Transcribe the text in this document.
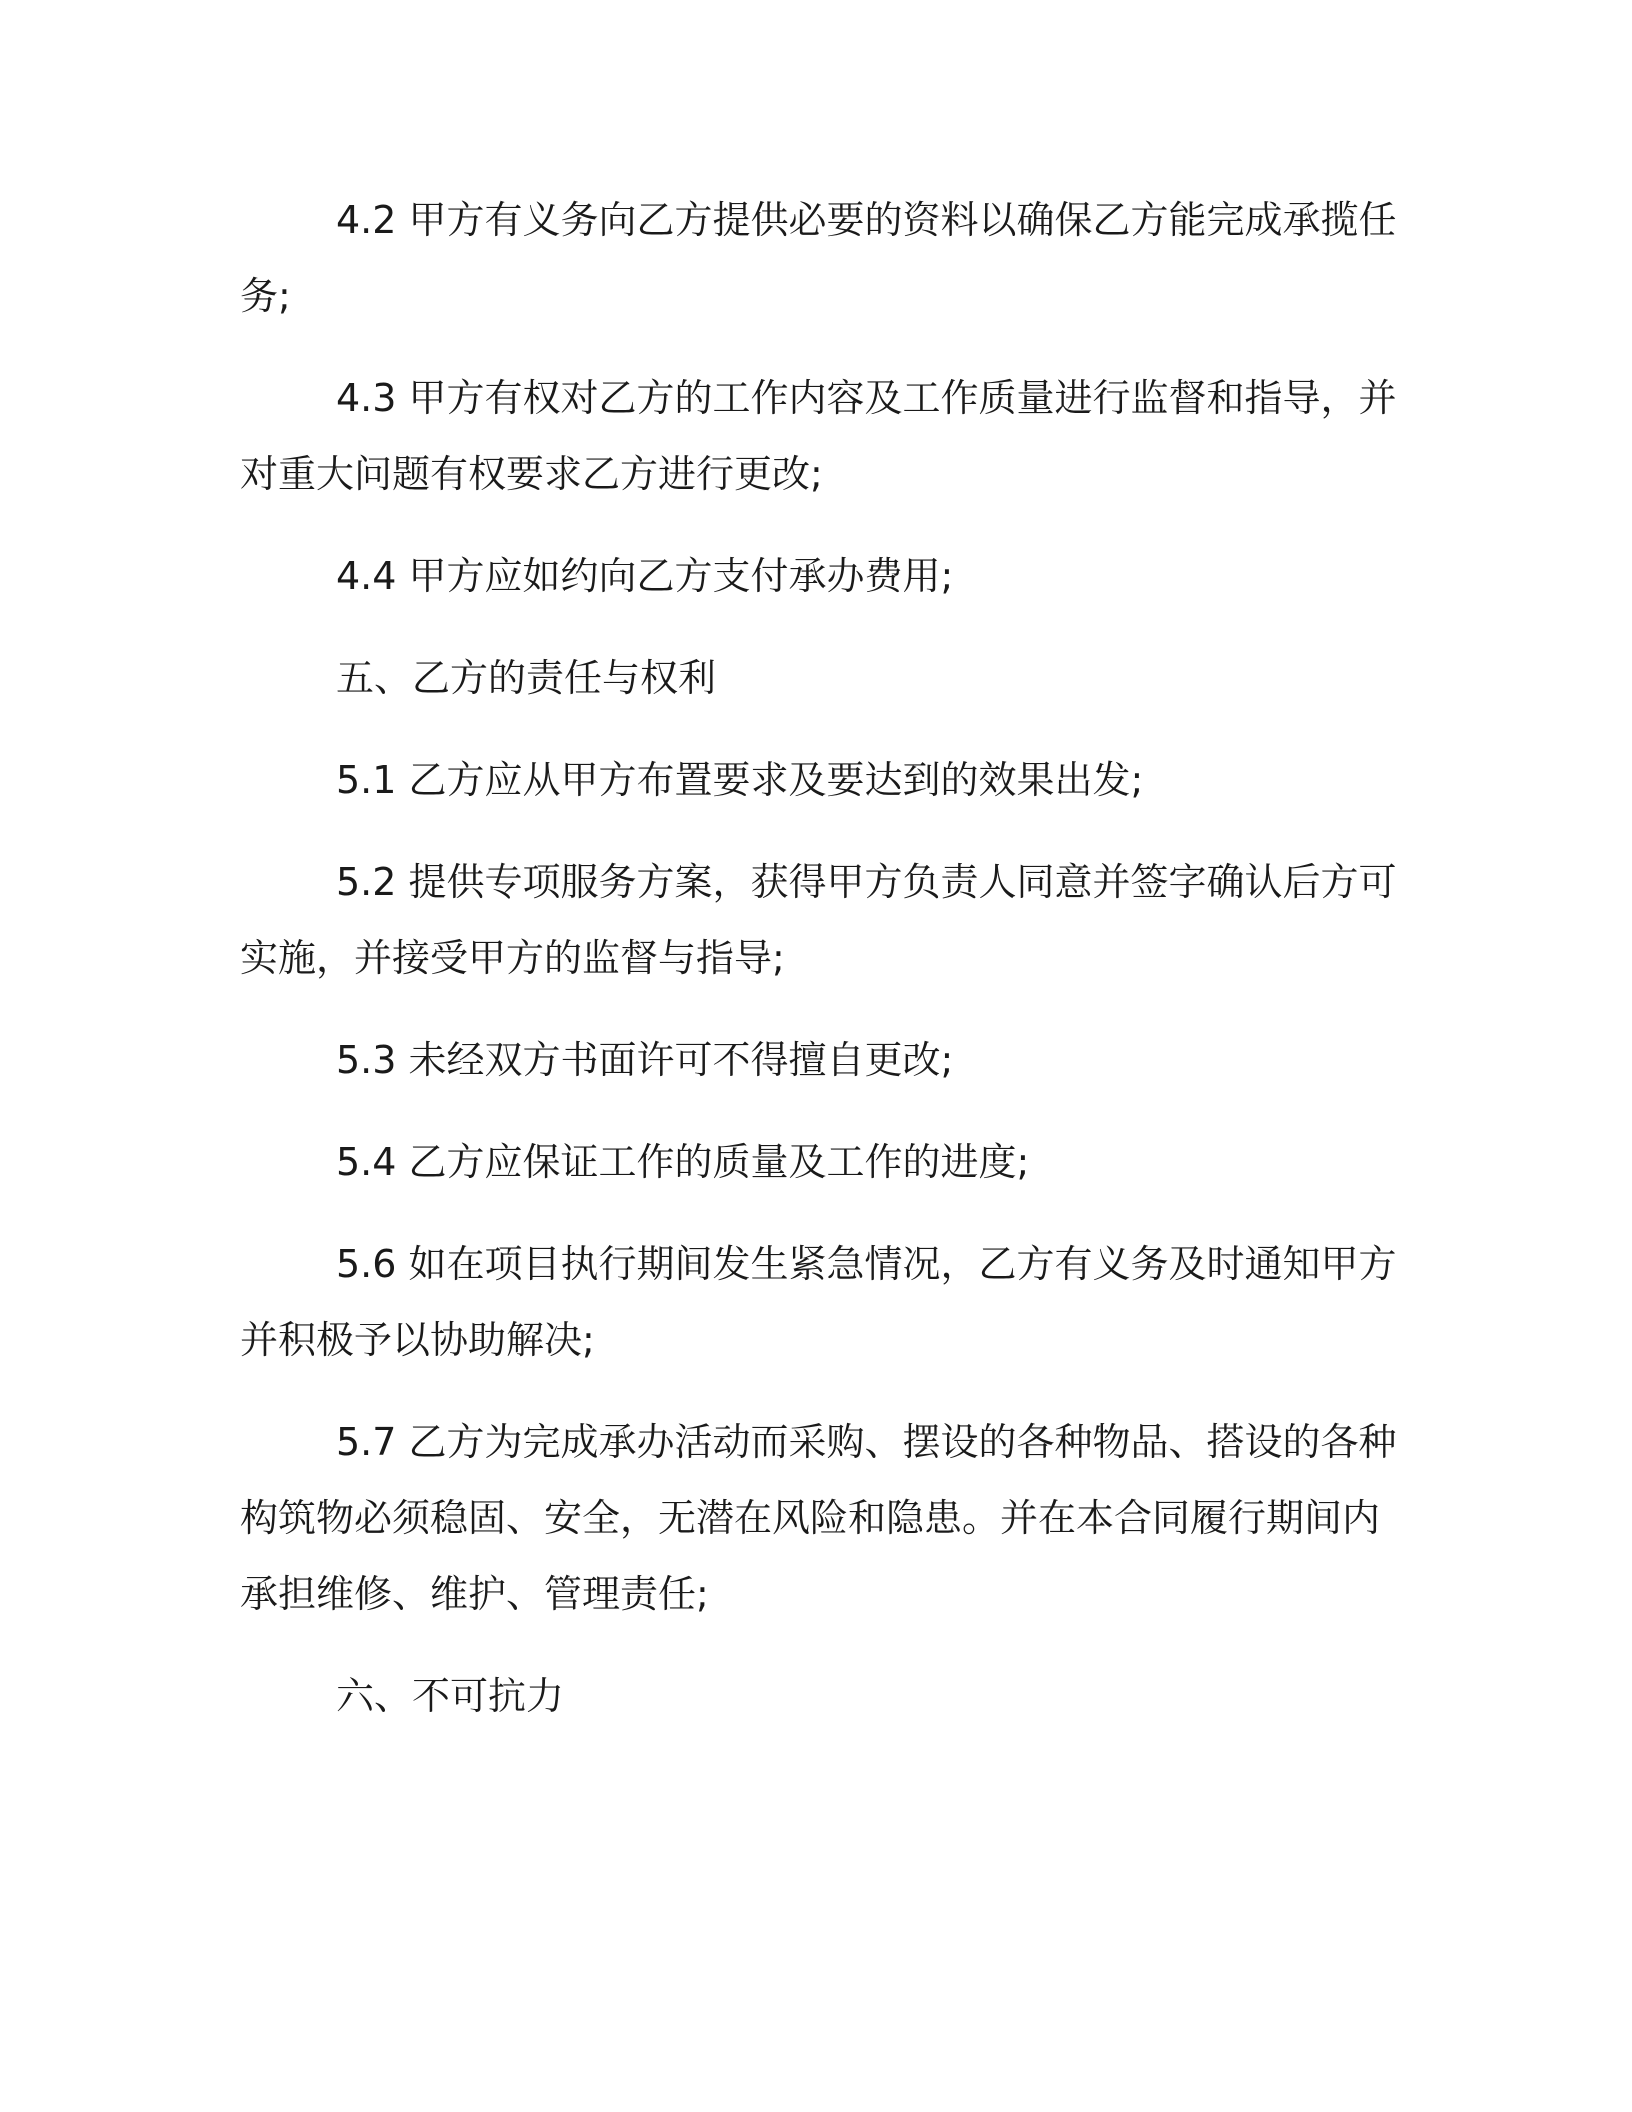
4.2 甲方有义务向乙方提供必要的资料以确保乙方能完成承揽任
务;
4.3 甲方有权对乙方的工作内容及工作质量进行监督和指导，并
对重大问题有权要求乙方进行更改;
4.4 甲方应如约向乙方支付承办费用;
五、乙方的责任与权利
5.1 乙方应从甲方布置要求及要达到的效果出发;
5.2 提供专项服务方案，获得甲方负责人同意并签字确认后方可
实施，并接受甲方的监督与指导;
5.3 未经双方书面许可不得擅自更改;
5.4 乙方应保证工作的质量及工作的进度;
5.6 如在项目执行期间发生紧急情况，乙方有义务及时通知甲方
并积极予以协助解决;
5.7 乙方为完成承办活动而采购、摆设的各种物品、搭设的各种
构筑物必须稳固、安全，无潜在风险和隐患。并在本合同履行期间内
承担维修、维护、管理责任;
六、不可抗力
